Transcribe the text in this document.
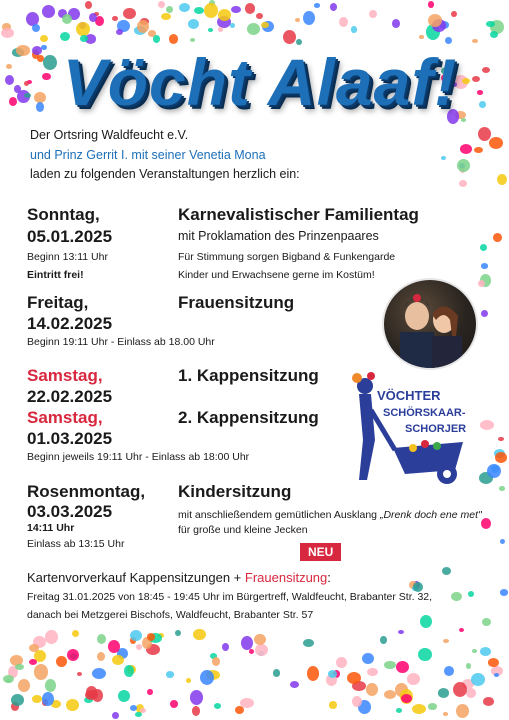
Vöcht Alaaf!
Der Ortsring Waldfeucht e.V.
und Prinz Gerrit I. mit seiner Venetia Mona
laden zu folgenden Veranstaltungen herzlich ein:
Sonntag,
05.01.2025
Beginn 13:11 Uhr
Eintritt frei!
Karnevalistischer Familientag
mit Proklamation des Prinzenpaares
Für Stimmung sorgen Bigband & Funkengarde
Kinder und Erwachsene gerne im Kostüm!
Freitag,
14.02.2025
Frauensitzung
Beginn 19:11 Uhr - Einlass ab 18.00 Uhr
Samstag,
22.02.2025
1. Kappensitzung
Samstag,
01.03.2025
2. Kappensitzung
Beginn jeweils 19:11 Uhr - Einlass ab 18:00 Uhr
VÖCHTER
SCHÖRSKAAR-
SCHORJER
Rosenmontag,
03.03.2025
14:11 Uhr
Einlass ab 13:15 Uhr
Kindersitzung
mit anschließendem gemütlichen Ausklang „Drenk doch ene met"
für große und kleine Jecken
NEU
Kartenvorverkauf Kappensitzungen + Frauensitzung:
Freitag 31.01.2025 von 18:45 - 19:45 Uhr im Bürgertreff, Waldfeucht, Brabanter Str. 32,
danach bei Metzgerei Bischofs, Waldfeucht, Brabanter Str. 57
